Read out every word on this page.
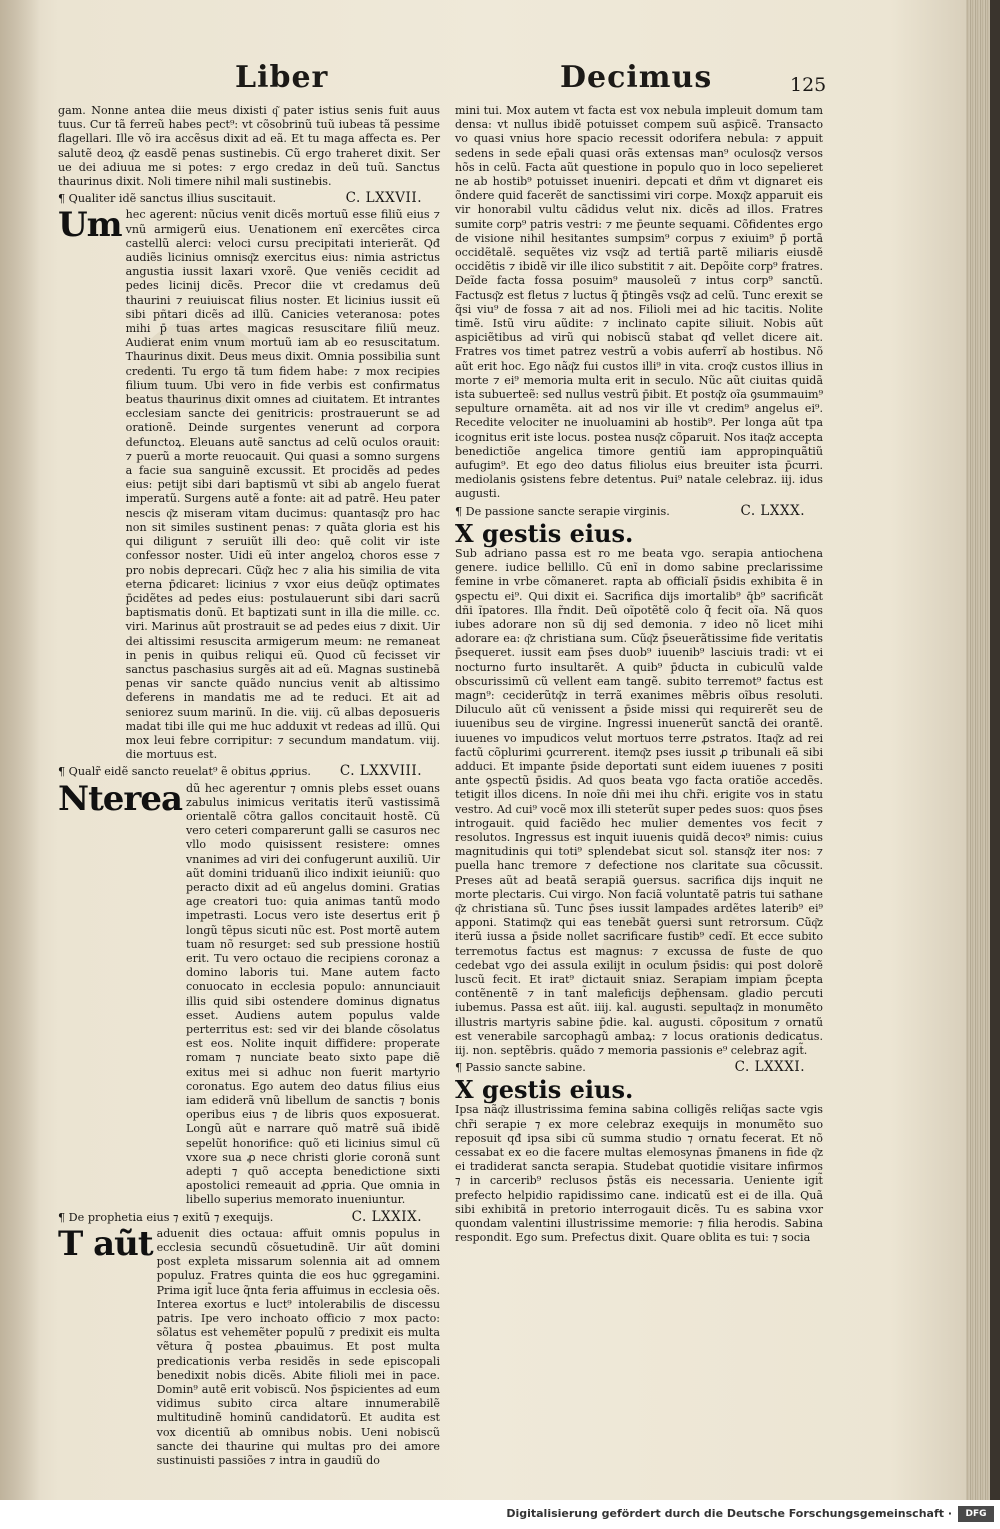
Liber	Decimus	125

gam. Nonne antea diie meus dixisti q͂ pater istius senis fuit auus tuus. Cur tã ferreũ habes pect⁹: vt cõsobrinũ tuũ iubeas tã pessime flagellari. Ille võ ira accẽsus dixit ad eã. Et tu maga affecta es. Per salutẽ deoꝝ q͂z easdẽ penas sustinebis. Cũ ergo traheret dixit. Ser ue dei adiuua me si potes: ⁊ ergo credaz in deũ tuũ. Sanctus thaurinus dixit. Noli timere nihil mali sustinebis.

¶ Qualiter idẽ sanctus illius suscitauit.	C. LXXVII.
Um hec agerent: nũcius venit dicẽs mortuũ esse filiũ eius ⁊ vnũ armigerũ eius. Uenationem enĩ exercẽtes circa castellũ alerci: veloci cursu precipitati interierãt. Qđ audiẽs licinius omnisq͂z exercitus eius: nimia astrictus angustia iussit laxari vxorẽ. Que veniẽs cecidit ad pedes licinij dicẽs. Precor diie vt credamus deũ thaurini ⁊ reuiuiscat filius noster. Et licinius iussit eũ sibi pñtari dicẽs ad illũ. Canicies veteranosa: potes mihi p̄ tuas artes magicas resuscitare filiũ meuz. Audierat enim vnum mortuũ iam ab eo resuscitatum. Thaurinus dixit. Deus meus dixit. Omnia possibilia sunt credenti. Tu ergo tã tum fidem habe: ⁊ mox recipies filium tuum. Ubi vero in fide verbis est confirmatus beatus thaurinus dixit omnes ad ciuitatem. Et intrantes ecclesiam sancte dei genitricis: prostrauerunt se ad orationẽ. Deinde surgentes venerunt ad corpora defunctoꝝ. Eleuans autẽ sanctus ad celũ oculos orauit: ⁊ puerũ a morte reuocauit. Qui quasi a somno surgens a facie sua sanguinẽ excussit. Et procidẽs ad pedes eius: petijt sibi dari baptismũ vt sibi ab angelo fuerat imperatũ. Surgens autẽ a fonte: ait ad patrẽ. Heu pater nescis q͂z miseram vitam ducimus: quantasq͂z pro hac non sit similes sustinent penas: ⁊ quãta gloria est his qui diligunt ⁊ seruiũt illi deo: quẽ colit vir iste confessor noster. Uidi eũ inter angeloꝝ choros esse ⁊ pro nobis deprecari. Cũq͂z hec ⁊ alia his similia de vita eterna p̄dicaret: licinius ⁊ vxor eius deũq͂z optimates p̄cidẽtes ad pedes eius: postulauerunt sibi dari sacrũ baptismatis donũ. Et baptizati sunt in illa die mille. cc. viri. Marinus aũt prostrauit se ad pedes eius ⁊ dixit. Uir dei altissimi resuscita armigerum meum: ne remaneat in penis in quibus reliqui eũ. Quod cũ fecisset vir sanctus paschasius surgẽs ait ad eũ. Magnas sustinebã penas vir sancte quãdo nuncius venit ab altissimo deferens in mandatis me ad te reduci. Et ait ad seniorez suum marinũ. In die. viij. cũ albas deposueris madat tibi ille qui me huc adduxit vt redeas ad illũ. Qui mox leui febre corripitur: ⁊ secundum mandatum. viij. die mortuus est.

¶ Qualr̃ eidẽ sancto reuelat⁹ ẽ obitus ꝓprius. C. LXXVIII.
Nterea dũ hec agerentur ⁊ omnis plebs esset ouans zabulus inimicus veritatis iterũ vastissimã orientalẽ cõtra gallos concitauit hostẽ. Cũ vero ceteri comparerunt galli se casuros nec vllo modo quisissent resistere: omnes vnanimes ad viri dei confugerunt auxiliũ. Uir aũt domini triduanũ ilico indixit ieiuniũ: quo peracto dixit ad eũ angelus domini. Gratias age creatori tuo: quia animas tantũ modo impetrasti. Locus vero iste desertus erit p̄ longũ tẽpus sicuti nũc est. Post mortẽ autem tuam nõ resurget: sed sub pressione hostiũ erit. Tu vero octauo die recipiens coronaz a domino laboris tui. Mane autem facto conuocato in ecclesia populo: annunciauit illis quid sibi ostendere dominus dignatus esset. Audiens autem populus valde perterritus est: sed vir dei blande cõsolatus est eos. Nolite inquit diffidere: properate romam ⁊ nunciate beato sixto pape diẽ exitus mei si adhuc non fuerit martyrio coronatus. Ego autem deo datus filius eius iam ediderã vnũ libellum de sanctis ⁊ bonis operibus eius ⁊ de libris quos exposuerat. Longũ aũt e narrare quõ matrẽ suã ibidẽ sepelũt honorifice: quõ eti licinius simul cũ vxore sua ꝓ nece christi glorie coronã sunt adepti ⁊ quõ accepta benedictione sixti apostolici remeauit ad ꝓpria. Que omnia in libello superius memorato inueniuntur.

¶ De prophetia eius ⁊ exitũ ⁊ exequijs.	C. LXXIX.
T aũt aduenit dies octaua: affuit omnis populus in ecclesia secundũ cõsuetudinẽ. Uir aũt domini post expleta missarum solennia ait ad omnem populuz. Fratres quinta die eos huc ꝯgregamini. Prima igit̃ luce q̃nta feria affuimus in ecclesia oẽs. Interea exortus e luct⁹ intolerabilis de discessu patris. Ipe vero inchoato officio ⁊ mox pacto: sõlatus est vehemẽter populũ ⁊ predixit eis multa vẽtura q̃ postea ꝓbauimus. Et post multa predicationis verba residẽs in sede episcopali benedixit nobis dicẽs. Abite filioli mei in pace. Domin⁹ autẽ erit vobiscũ. Nos p̄spicientes ad eum vidimus subito circa altare innumerabilẽ multitudinẽ hominũ candidatorũ. Et audita est vox dicentiũ ab omnibus nobis. Ueni nobiscũ sancte dei thaurine qui multas pro dei amore sustinuisti passiões ⁊ intra in gaudiũ do

mini tui. Mox autem vt facta est vox nebula impleuit domum tam densa: vt nullus ibidẽ potuisset compem suũ asp̄icẽ. Transacto vo quasi vnius hore spacio recessit odorifera nebula: ⁊ appuit sedens in sede ep̄ali quasi orãs extensas man⁹ oculosq͂z versos hõs in celũ. Facta aũt questione in populo quo in loco sepelieret ne ab hostib⁹ potuisset inueniri. depcati et dñm vt dignaret eis õndere quid facerẽt de sanctissimi viri corpe. Moxq͂z apparuit eis vir honorabil vultu cãdidus velut nix. dicẽs ad illos. Fratres sumite corp⁹ patris vestri: ⁊ me p̄eunte sequami. Cõfidentes ergo de visione nihil hesitantes sumpsim⁹ corpus ⁊ exiuim⁹ p̄ portã occidẽtalẽ. sequẽtes viz vsq͂z ad tertiã partẽ miliaris eiusdẽ occidẽtis ⁊ ibidẽ vir ille ilico substitit ⁊ ait. Depõite corp⁹ fratres. Deĩde facta fossa posuim⁹ mausoleũ ⁊ intus corp⁹ sanctũ. Factusq͂z est fletus ⁊ luctus q̃ p̄tingẽs vsq͂z ad celũ. Tunc erexit se q̃si viu⁹ de fossa ⁊ ait ad nos. Filioli mei ad hic tacitis. Nolite timẽ. Istũ viru aũdite: ⁊ inclinato capite siliuit. Nobis aũt aspiciẽtibus ad virũ qui nobiscũ stabat qđ vellet dicere ait. Fratres vos timet patrez vestrũ a vobis auferrĩ ab hostibus. Nõ aũt erit hoc. Ego nãq͂z fui custos illi⁹ in vita. croq͂z custos illius in morte ⁊ ei⁹ memoria multa erit in seculo. Nũc aũt ciuitas quidã ista subuerteẽ: sed nullus vestrũ p̄ibit. Et postq͂z oĩa ꝯsummauim⁹ sepulture ornamẽta. ait ad nos vir ille vt credim⁹ angelus ei⁹. Recedite velociter ne inuoluamini ab hostib⁹. Per longa aũt tpa icognitus erit iste locus. postea nusq͂z cõparuit. Nos itaq͂z accepta benedictiõe angelica timore gentiũ iam appropinquãtiũ aufugim⁹. Et ego deo datus filiolus eius breuiter ista p̄curri. mediolanis ꝯsistens febre detentus. Ꝑui⁹ natale celebraz. iij. idus augusti.

¶ De passione sancte serapie virginis.	C. LXXX.
X gestis eius.

Sub adriano passa est ro me beata vgo. serapia antiochena genere. iudice bellillo. Cũ enĩ in domo sabine preclarissime femine in vrbe cõmaneret. rapta ab officialĩ p̄sidis exhibita ẽ in ꝯspectu ei⁹. Qui dixit ei. Sacrifica dijs imortalib⁹ q̄b⁹ sacrificãt dñi ĩpatores. Illa r̃ndit. Deũ oĩpotẽtẽ colo q̃ fecit oĩa. Nã quos iubes adorare non sũ dij sed demonia. ⁊ ideo nõ licet mihi adorare ea: q͂z christiana sum. Cũq͂z p̄seuerãtissime fide veritatis p̄sequeret. iussit eam p̄ses duob⁹ iuuenib⁹ lasciuis tradi: vt ei nocturno furto insultarẽt. A quib⁹ p̄ducta in cubiculũ valde obscurissimũ cũ vellent eam tangẽ. subito terremot⁹ factus est magn⁹: ceciderũtq͂z in terrã exanimes mẽbris oĩbus resoluti. Diluculo aũt cũ venissent a p̄side missi qui requirerẽt seu de iuuenibus seu de virgine. Ingressi inuenerũt sanctã dei orantẽ. iuuenes vo impudicos velut mortuos terre ꝓstratos. Itaq͂z ad rei factũ cõplurimi ꝯcurrerent. itemq͂z pses iussit ꝓ tribunali eã sibi adduci. Et impante p̄side deportati sunt eidem iuuenes ⁊ positi ante ꝯspectũ p̄sidis. Ad quos beata vgo facta oratiõe accedẽs. tetigit illos dicens. In noĩe dñi mei ihu chr̃i. erigite vos in statu vestro. Ad cui⁹ vocẽ mox illi steterũt super pedes suos: quos p̄ses introgauit. quid faciẽdo hec mulier dementes vos fecit ⁊ resolutos. Ingressus est inquit iuuenis quidã decoꝛ⁹ nimis: cuius magnitudinis qui toti⁹ splendebat sicut sol. stansq͂z iter nos: ⁊ puella hanc tremore ⁊ defectione nos claritate sua cõcussit. Preses aũt ad beatã serapiã ꝯuersus. sacrifica dijs inquit ne morte plectaris. Cui virgo. Non faciã voluntatẽ patris tui sathane q͂z christiana sũ. Tunc p̄ses iussit lampades ardẽtes laterib⁹ ei⁹ apponi. Statimq͂z qui eas tenebãt ꝯuersi sunt retrorsum. Cũq͂z iterũ iussa a p̄side nollet sacrificare fustib⁹ cedĩ. Et ecce subito terremotus factus est magnus: ⁊ excussa de fuste de quo cedebat vgo dei assula exilijt in oculum p̄sidis: qui post dolorẽ luscũ fecit. Et irat⁹ dictauit sniaz. Serapiam impiam p̄cepta contẽnentẽ ⁊ in tant̃ maleficijs dep̄hensam. gladio percuti iubemus. Passa est aũt. iiij. kal. augusti. sepultaq͂z in monumẽto illustris martyris sabine p̄die. kal. augusti. cõpositum ⁊ ornatũ est venerabile sarcophagũ ambaꝝ: ⁊ locus orationis dedicatus. iij. non. septẽbris. quãdo ⁊ memoria passionis e⁹ celebraz agit̃.

¶ Passio sancte sabine.	C. LXXXI.
X gestis eius.

Ipsa nãq͂z illustrissima femina sabina colligẽs reliq̃as sacte vgis chr̃i serapie ⁊ ex more celebraz exequijs in monumẽto suo reposuit qđ ipsa sibi cũ summa studio ⁊ ornatu fecerat. Et nõ cessabat ex eo die facere multas elemosynas p̄manens in fide q͂z ei tradiderat sancta serapia. Studebat quotidie visitare infirmos ⁊ in carcerib⁹ reclusos p̄stãs eis necessaria. Ueniente igit̃ prefecto helpidio rapidissimo cane. indicatũ est ei de illa. Quã sibi exhibitã in pretorio interrogauit dicẽs. Tu es sabina vxor quondam valentini illustrissime memorie: ⁊ filia herodis. Sabina respondit. Ego sum. Prefectus dixit. Quare oblita es tui: ⁊ socia

Digitalisierung gefördert durch die Deutsche Forschungsgemeinschaft ·	DFG
